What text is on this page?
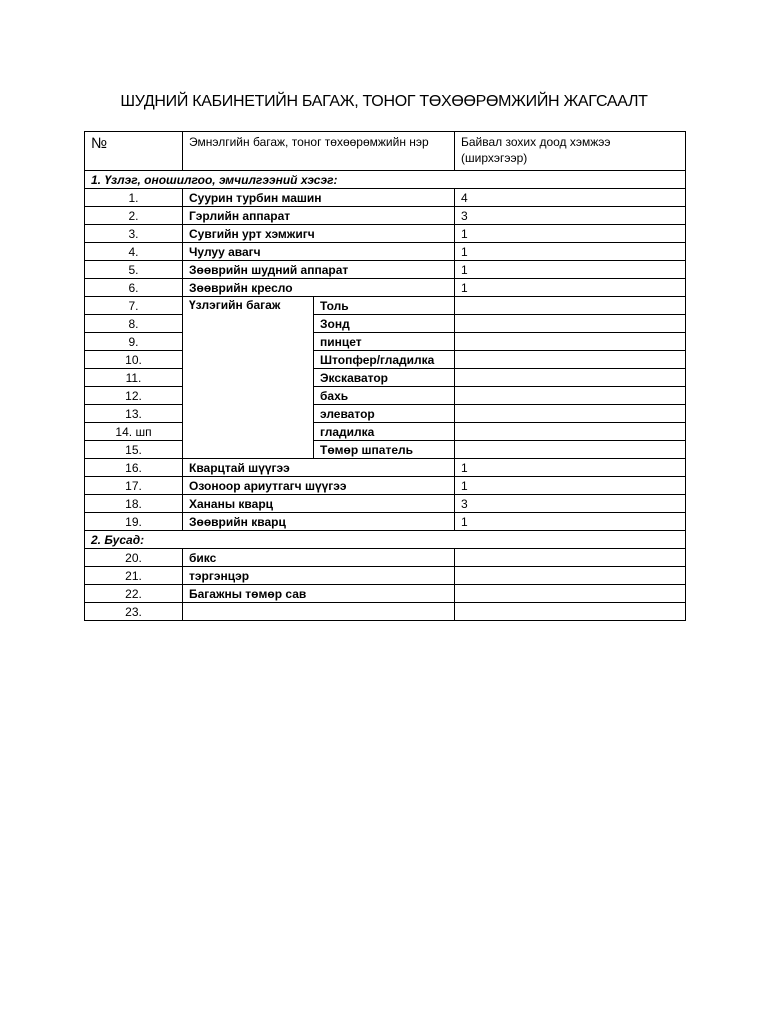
ШУДНИЙ КАБИНЕТИЙН БАГАЖ, ТОНОГ ТӨХӨӨРӨМЖИЙН ЖАГСААЛТ
№	Эмнэлгийн багаж, тоног төхөөрөмжийн нэр		Байвал зохих доод хэмжээ (ширхэгээр)
1. Үзлэг, оношилгоо, эмчилгээний хэсэг:			
1.	Суурин турбин машин		4
2.	Гэрлийн аппарат		3
3.	Сувгийн урт хэмжигч		1
4.	Чулуу авагч		1
5.	Зөөврийн шудний аппарат		1
6.	Зөөврийн кресло		1
7.	Үзлэгийн багаж	Толь	
8.		Зонд	
9.		пинцет	
10.		Штопфер/гладилка	
11.		Экскаватор	
12.		бахь	
13.		элеватор	
14. шп		гладилка	
15.		Төмөр шпатель	
16.	Кварцтай шүүгээ		1
17.	Озоноор ариутгагч шүүгээ		1
18.	Хананы кварц		3
19.	Зөөврийн кварц		1
2. Бусад:			
20.	бикс		
21.	тэргэнцэр		
22.	Багажны төмөр сав		
23.			
